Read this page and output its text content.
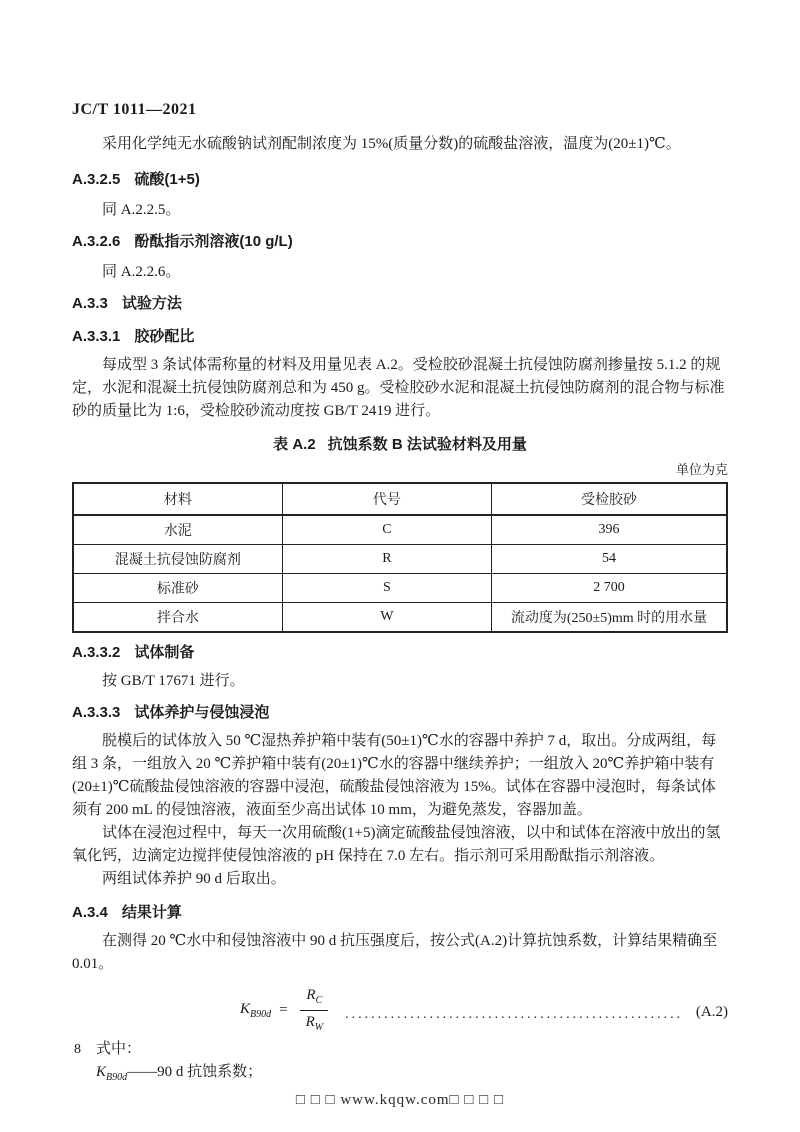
JC/T 1011—2021

采用化学纯无水硫酸钠试剂配制浓度为 15%(质量分数)的硫酸盐溶液，温度为(20±1)℃。

A.3.2.5 硫酸(1+5)

同 A.2.2.5。

A.3.2.6 酚酞指示剂溶液(10 g/L)

同 A.2.2.6。

A.3.3 试验方法
A.3.3.1 胶砂配比

每成型 3 条试体需称量的材料及用量见表 A.2。受检胶砂混凝土抗侵蚀防腐剂掺量按 5.1.2 的规定，水泥和混凝土抗侵蚀防腐剂总和为 450 g。受检胶砂水泥和混凝土抗侵蚀防腐剂的混合物与标准砂的质量比为 1:6，受检胶砂流动度按 GB/T 2419 进行。

表 A.2 抗蚀系数 B 法试验材料及用量
单位为克
材料	代号	受检胶砂
水泥	C	396
混凝土抗侵蚀防腐剂	R	54
标准砂	S	2 700
拌合水	W	流动度为(250±5)mm 时的用水量
A.3.3.2 试体制备

按 GB/T 17671 进行。

A.3.3.3 试体养护与侵蚀浸泡

脱模后的试体放入 50 ℃湿热养护箱中装有(50±1)℃水的容器中养护 7 d，取出。分成两组，每组 3 条，一组放入 20 ℃养护箱中装有(20±1)℃水的容器中继续养护；一组放入 20℃养护箱中装有(20±1)℃硫酸盐侵蚀溶液的容器中浸泡，硫酸盐侵蚀溶液为 15%。试体在容器中浸泡时，每条试体须有 200 mL 的侵蚀溶液，液面至少高出试体 10 mm，为避免蒸发，容器加盖。

试体在浸泡过程中，每天一次用硫酸(1+5)滴定硫酸盐侵蚀溶液，以中和试体在溶液中放出的氢氧化钙，边滴定边搅拌使侵蚀溶液的 pH 保持在 7.0 左右。指示剂可采用酚酞指示剂溶液。

两组试体养护 90 d 后取出。

A.3.4 结果计算

在测得 20 ℃水中和侵蚀溶液中 90 d 抗压强度后，按公式(A.2)计算抗蚀系数，计算结果精确至 0.01。

$K_{B90d} = \frac{R_C}{R_W}$ .................................................... (A.2)

式中：

$K_{B90d}——90$ d 抗蚀系数；

8
□ □ □ www.kqqw.com□ □ □ □
